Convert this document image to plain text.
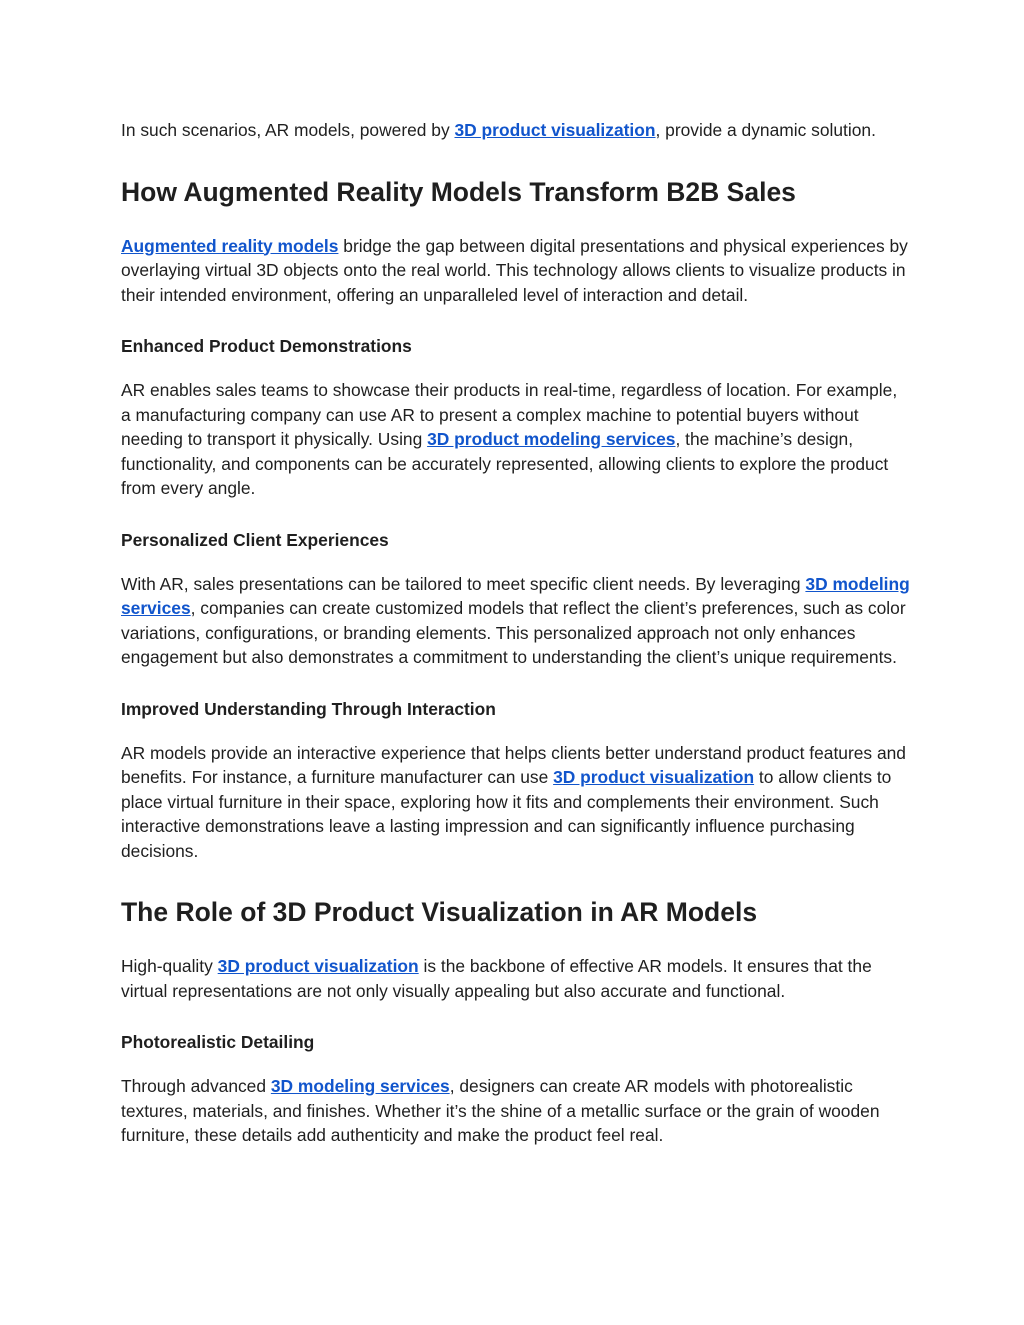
In such scenarios, AR models, powered by 3D product visualization, provide a dynamic solution.

How Augmented Reality Models Transform B2B Sales

Augmented reality models bridge the gap between digital presentations and physical experiences by overlaying virtual 3D objects onto the real world. This technology allows clients to visualize products in their intended environment, offering an unparalleled level of interaction and detail.

Enhanced Product Demonstrations

AR enables sales teams to showcase their products in real-time, regardless of location. For example, a manufacturing company can use AR to present a complex machine to potential buyers without needing to transport it physically. Using 3D product modeling services, the machine’s design, functionality, and components can be accurately represented, allowing clients to explore the product from every angle.

Personalized Client Experiences

With AR, sales presentations can be tailored to meet specific client needs. By leveraging 3D modeling services, companies can create customized models that reflect the client’s preferences, such as color variations, configurations, or branding elements. This personalized approach not only enhances engagement but also demonstrates a commitment to understanding the client’s unique requirements.

Improved Understanding Through Interaction

AR models provide an interactive experience that helps clients better understand product features and benefits. For instance, a furniture manufacturer can use 3D product visualization to allow clients to place virtual furniture in their space, exploring how it fits and complements their environment. Such interactive demonstrations leave a lasting impression and can significantly influence purchasing decisions.

The Role of 3D Product Visualization in AR Models

High-quality 3D product visualization is the backbone of effective AR models. It ensures that the virtual representations are not only visually appealing but also accurate and functional.

Photorealistic Detailing

Through advanced 3D modeling services, designers can create AR models with photorealistic textures, materials, and finishes. Whether it’s the shine of a metallic surface or the grain of wooden furniture, these details add authenticity and make the product feel real.
